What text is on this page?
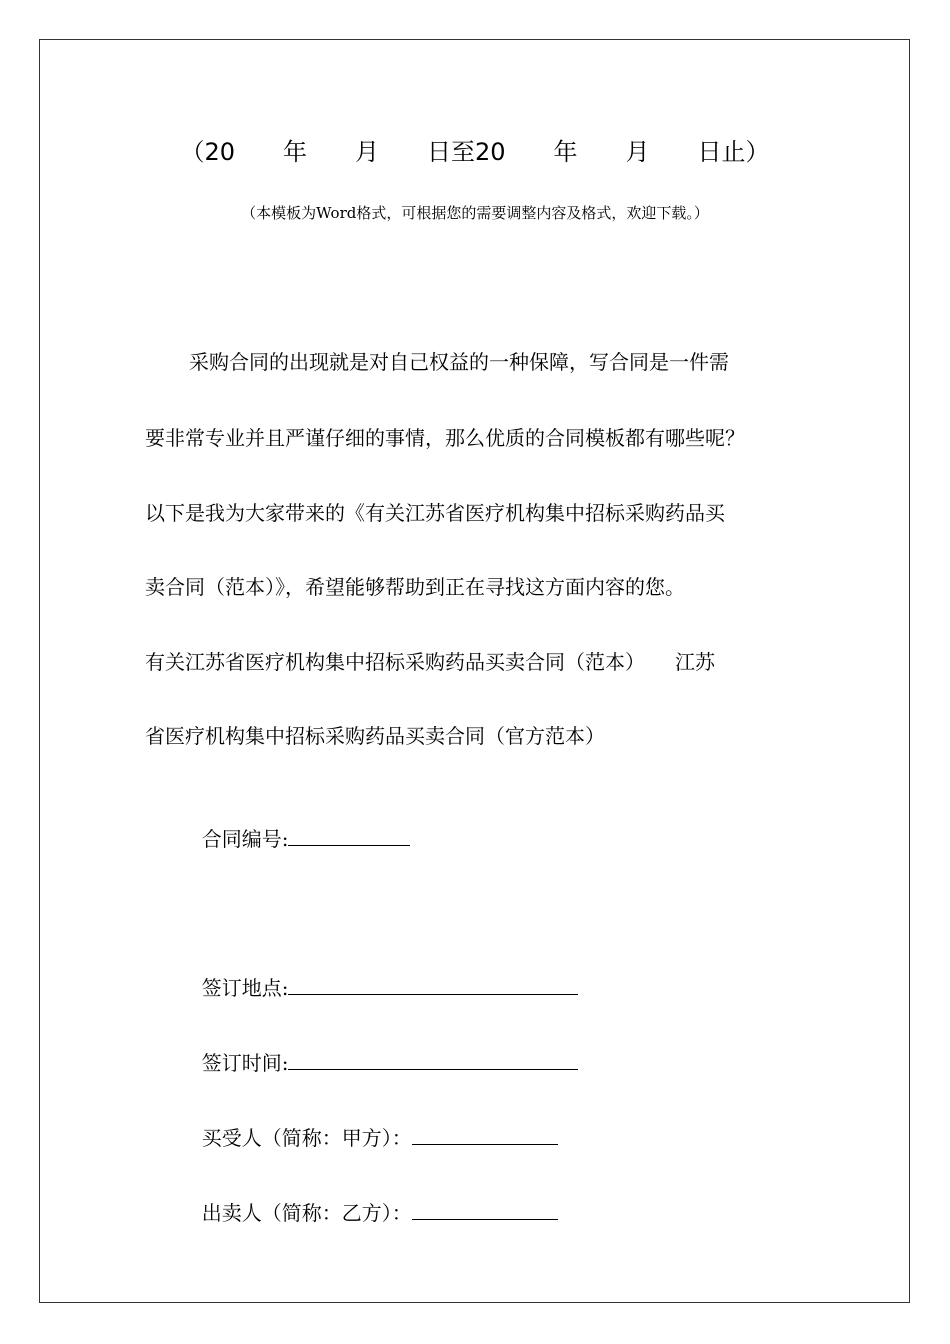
（20　　年　　月　　日至20　　年　　月　　日止）
（本模板为Word格式，可根据您的需要调整内容及格式，欢迎下载。）
采购合同的出现就是对自己权益的一种保障，写合同是一件需
要非常专业并且严谨仔细的事情，那么优质的合同模板都有哪些呢？
以下是我为大家带来的《有关江苏省医疗机构集中招标采购药品买
卖合同（范本）》，希望能够帮助到正在寻找这方面内容的您。
有关江苏省医疗机构集中招标采购药品买卖合同（范本）　　江苏
省医疗机构集中招标采购药品买卖合同（官方范本）

合同编号:

签订地点:

签订时间:

买受人（简称：甲方）：

出卖人（简称：乙方）：
